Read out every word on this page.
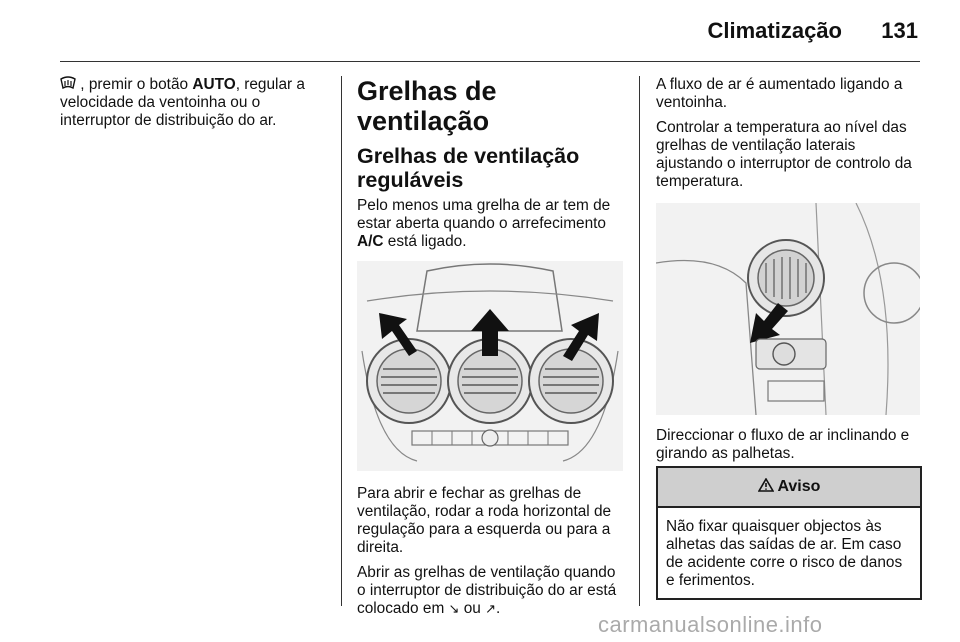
Climatização 131

, premir o botão AUTO, regular a velocidade da ventoinha ou o interruptor de distribuição do ar.

Grelhas de ventilação
Grelhas de ventilação reguláveis

Pelo menos uma grelha de ar tem de estar aberta quando o arrefecimento A/C está ligado.

Para abrir e fechar as grelhas de ventilação, rodar a roda horizontal de regulação para a esquerda ou para a direita.

Abrir as grelhas de ventilação quando o interruptor de distribuição do ar está colocado em ↘ ou ↗.

A fluxo de ar é aumentado ligando a ventoinha.

Controlar a temperatura ao nível das grelhas de ventilação laterais ajustando o interruptor de controlo da temperatura.

Direccionar o fluxo de ar inclinando e girando as palhetas.

Aviso
Não fixar quaisquer objectos às alhetas das saídas de ar. Em caso de acidente corre o risco de danos e ferimentos.
carmanualsonline.info
